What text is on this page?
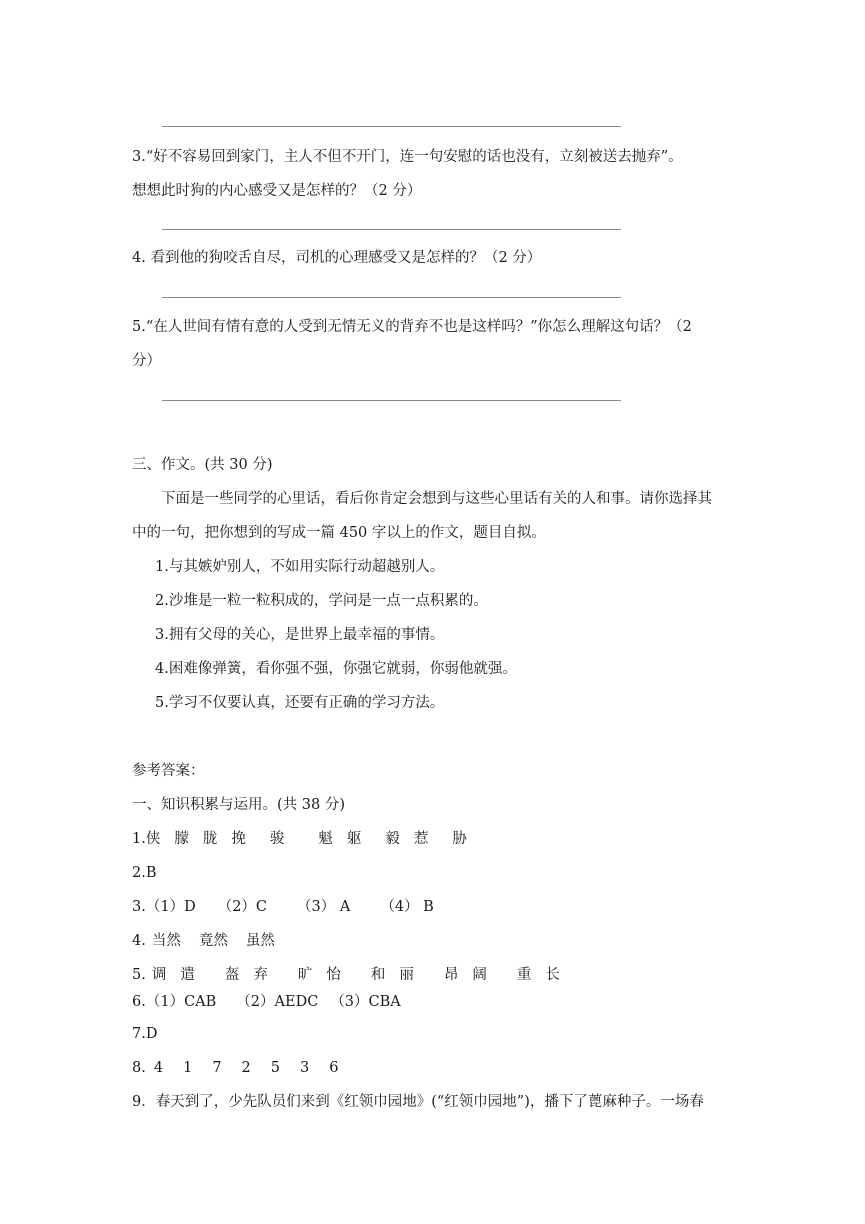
3.“好不容易回到家门，主人不但不开门，连一句安慰的话也没有，立刻被送去抛弃”。
想想此时狗的内心感受又是怎样的？（2 分）
4. 看到他的狗咬舌自尽，司机的心理感受又是怎样的？（2 分）
5.“在人世间有情有意的人受到无情无义的背弃不也是这样吗？”你怎么理解这句话？（2
分）
三、作文。(共 30 分)
下面是一些同学的心里话，看后你肯定会想到与这些心里话有关的人和事。请你选择其
中的一句，把你想到的写成一篇 450 字以上的作文，题目自拟。
1.与其嫉妒别人，不如用实际行动超越别人。
2.沙堆是一粒一粒积成的，学问是一点一点积累的。
3.拥有父母的关心，是世界上最幸福的事情。
4.困难像弹簧，看你强不强，你强它就弱，你弱他就强。
5.学习不仅要认真，还要有正确的学习方法。
参考答案：
一、知识积累与运用。(共 38 分)
1.侠 朦 胧 挽 骏 魁 躯 毅 惹 胁
2.B
3.（1）D （2）C （3） A （4） B
4. 当然 竟然 虽然
5. 调 遣 盔 弃 旷 怡 和 丽 昂 阔 重 长
6.（1）CAB （2）AEDC （3）CBA
7.D
8. 4 1 7 2 5 3 6
9．春天到了，少先队员们来到《红领巾园地》(“红领巾园地”)，播下了蓖麻种子。一场春
